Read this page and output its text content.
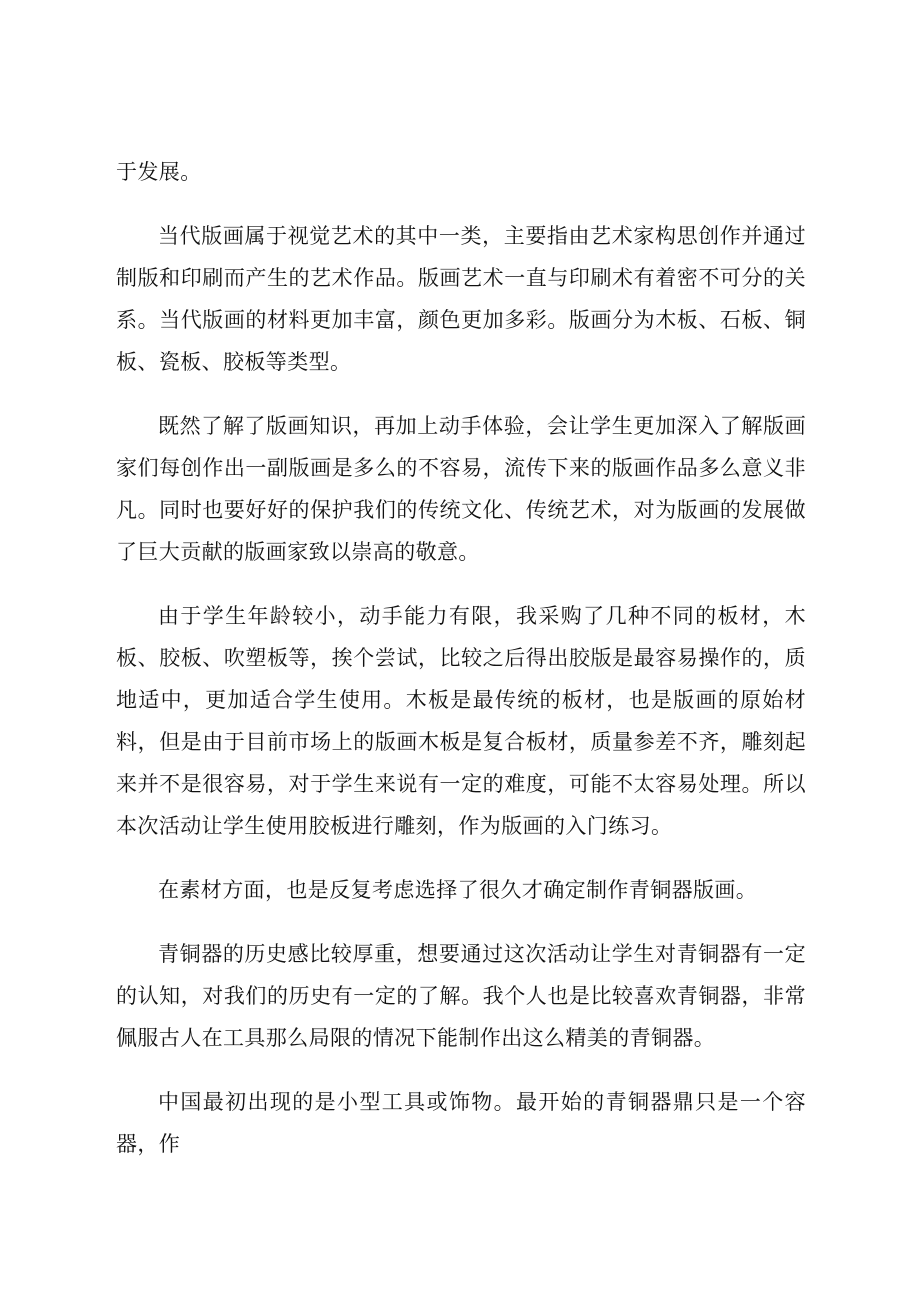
于发展。

当代版画属于视觉艺术的其中一类，主要指由艺术家构思创作并通过制版和印刷而产生的艺术作品。版画艺术一直与印刷术有着密不可分的关系。当代版画的材料更加丰富，颜色更加多彩。版画分为木板、石板、铜板、瓷板、胶板等类型。

既然了解了版画知识，再加上动手体验，会让学生更加深入了解版画家们每创作出一副版画是多么的不容易，流传下来的版画作品多么意义非凡。同时也要好好的保护我们的传统文化、传统艺术，对为版画的发展做了巨大贡献的版画家致以崇高的敬意。

由于学生年龄较小，动手能力有限，我采购了几种不同的板材，木板、胶板、吹塑板等，挨个尝试，比较之后得出胶版是最容易操作的，质地适中，更加适合学生使用。木板是最传统的板材，也是版画的原始材料，但是由于目前市场上的版画木板是复合板材，质量参差不齐，雕刻起来并不是很容易，对于学生来说有一定的难度，可能不太容易处理。所以本次活动让学生使用胶板进行雕刻，作为版画的入门练习。

在素材方面，也是反复考虑选择了很久才确定制作青铜器版画。

青铜器的历史感比较厚重，想要通过这次活动让学生对青铜器有一定的认知，对我们的历史有一定的了解。我个人也是比较喜欢青铜器，非常佩服古人在工具那么局限的情况下能制作出这么精美的青铜器。

中国最初出现的是小型工具或饰物。最开始的青铜器鼎只是一个容器，作
